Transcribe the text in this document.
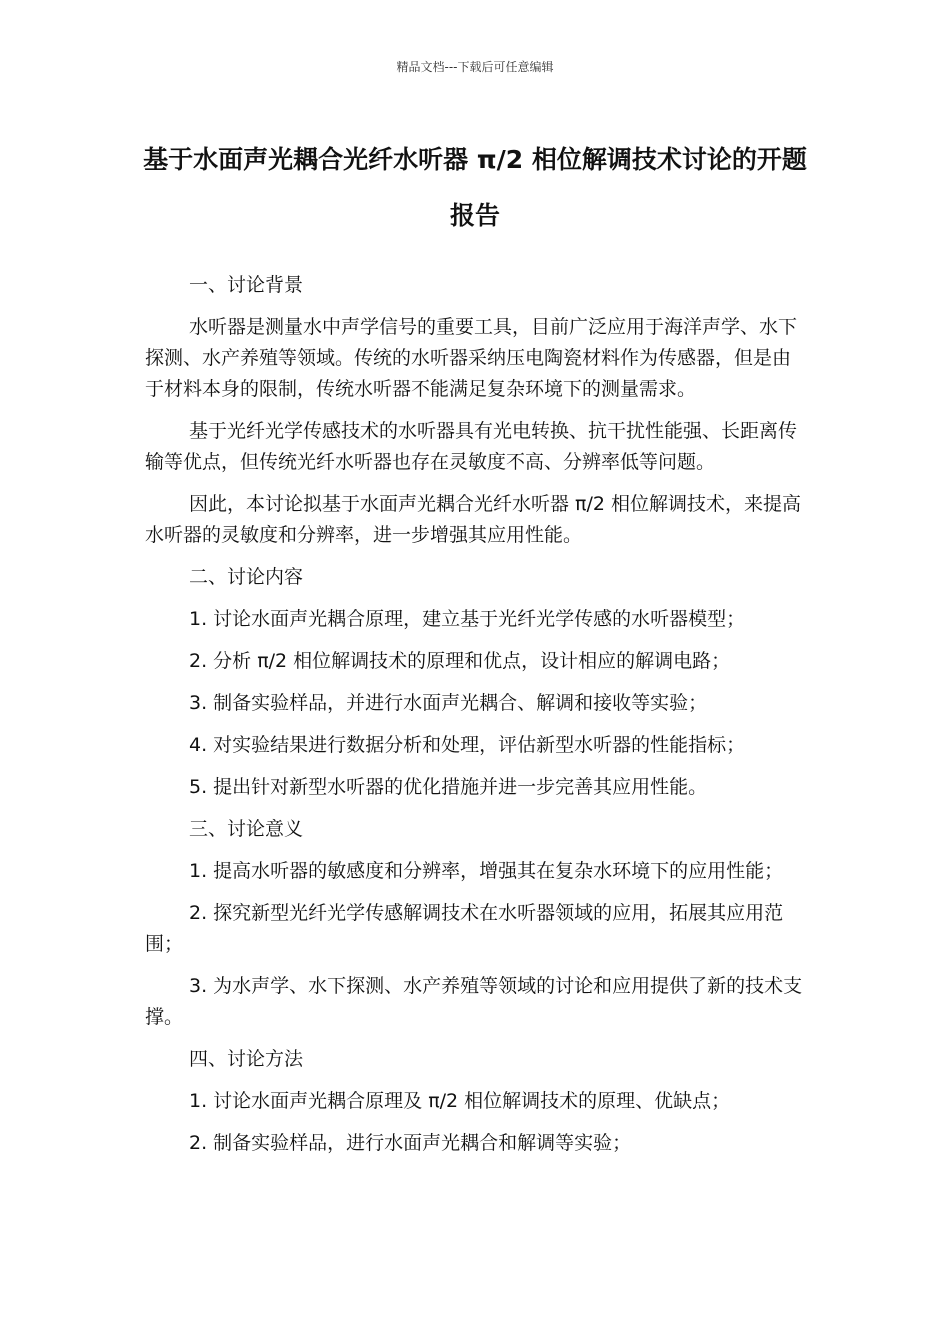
精品文档---下载后可任意编辑
基于水面声光耦合光纤水听器 π/2 相位解调技术讨论的开题报告

一、讨论背景

水听器是测量水中声学信号的重要工具，目前广泛应用于海洋声学、水下探测、水产养殖等领域。传统的水听器采纳压电陶瓷材料作为传感器，但是由于材料本身的限制，传统水听器不能满足复杂环境下的测量需求。

基于光纤光学传感技术的水听器具有光电转换、抗干扰性能强、长距离传输等优点，但传统光纤水听器也存在灵敏度不高、分辨率低等问题。

因此，本讨论拟基于水面声光耦合光纤水听器 π/2 相位解调技术，来提高水听器的灵敏度和分辨率，进一步增强其应用性能。

二、讨论内容

1. 讨论水面声光耦合原理，建立基于光纤光学传感的水听器模型；

2. 分析 π/2 相位解调技术的原理和优点，设计相应的解调电路；

3. 制备实验样品，并进行水面声光耦合、解调和接收等实验；

4. 对实验结果进行数据分析和处理，评估新型水听器的性能指标；

5. 提出针对新型水听器的优化措施并进一步完善其应用性能。

三、讨论意义

1. 提高水听器的敏感度和分辨率，增强其在复杂水环境下的应用性能；

2. 探究新型光纤光学传感解调技术在水听器领域的应用，拓展其应用范围；

3. 为水声学、水下探测、水产养殖等领域的讨论和应用提供了新的技术支撑。

四、讨论方法

1. 讨论水面声光耦合原理及 π/2 相位解调技术的原理、优缺点；

2. 制备实验样品，进行水面声光耦合和解调等实验；
